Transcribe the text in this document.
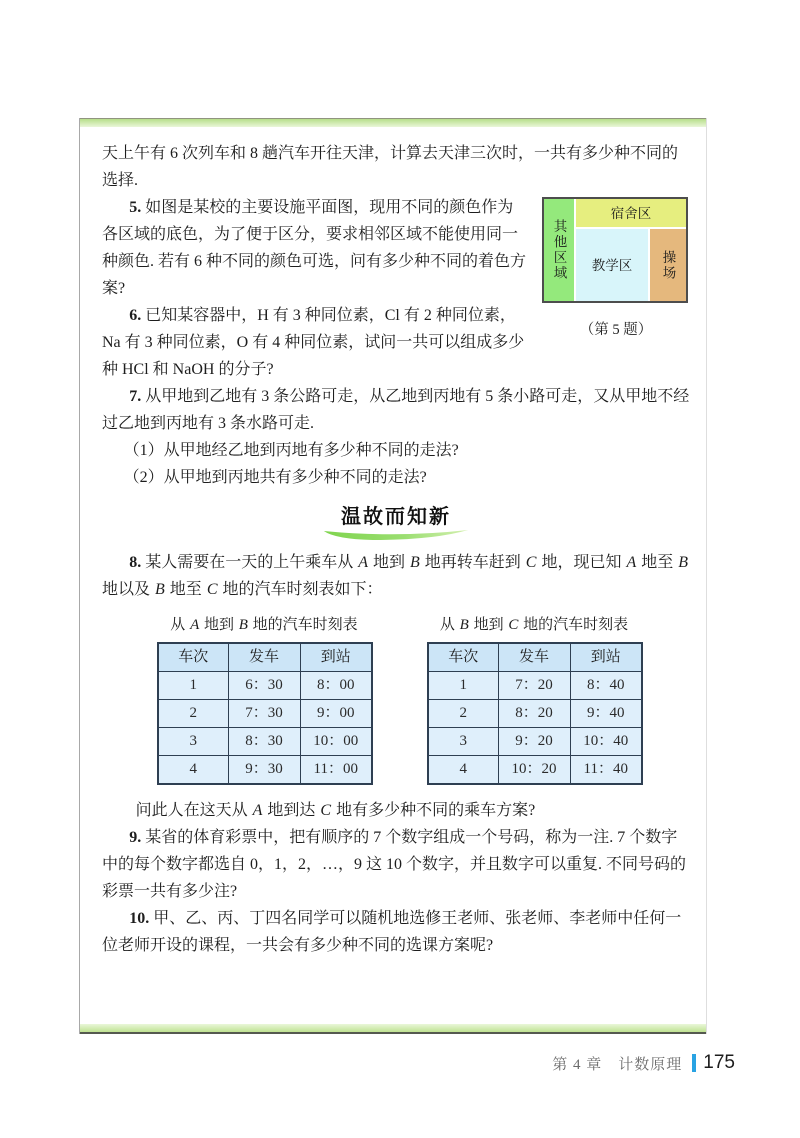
天上午有 6 次列车和 8 趟汽车开往天津，计算去天津三次时，一共有多少种不同的选择.

其他区域
宿舍区
教学区	操场

（第 5 题）

5. 如图是某校的主要设施平面图，现用不同的颜色作为各区域的底色，为了便于区分，要求相邻区域不能使用同一种颜色. 若有 6 种不同的颜色可选，问有多少种不同的着色方案?

6. 已知某容器中，H 有 3 种同位素，Cl 有 2 种同位素，Na 有 3 种同位素，O 有 4 种同位素，试问一共可以组成多少种 HCl 和 NaOH 的分子?

7. 从甲地到乙地有 3 条公路可走，从乙地到丙地有 5 条小路可走，又从甲地不经过乙地到丙地有 3 条水路可走.

（1）从甲地经乙地到丙地有多少种不同的走法?

（2）从甲地到丙地共有多少种不同的走法?

温故而知新

8. 某人需要在一天的上午乘车从 A 地到 B 地再转车赶到 C 地，现已知 A 地至 B 地以及 B 地至 C 地的汽车时刻表如下：

从 A 地到 B 地的汽车时刻表

车次	发车	到站
1	6：30	8：00
2	7：30	9：00
3	8：30	10：00
4	9：30	11：00

从 B 地到 C 地的汽车时刻表

车次	发车	到站
1	7：20	8：40
2	8：20	9：40
3	9：20	10：40
4	10：20	11：40

问此人在这天从 A 地到达 C 地有多少种不同的乘车方案?

9. 某省的体育彩票中，把有顺序的 7 个数字组成一个号码，称为一注. 7 个数字中的每个数字都选自 0，1，2，…，9 这 10 个数字，并且数字可以重复. 不同号码的彩票一共有多少注?

10. 甲、乙、丙、丁四名同学可以随机地选修王老师、张老师、李老师中任何一位老师开设的课程，一共会有多少种不同的选课方案呢?

第 4 章　计数原理 175
